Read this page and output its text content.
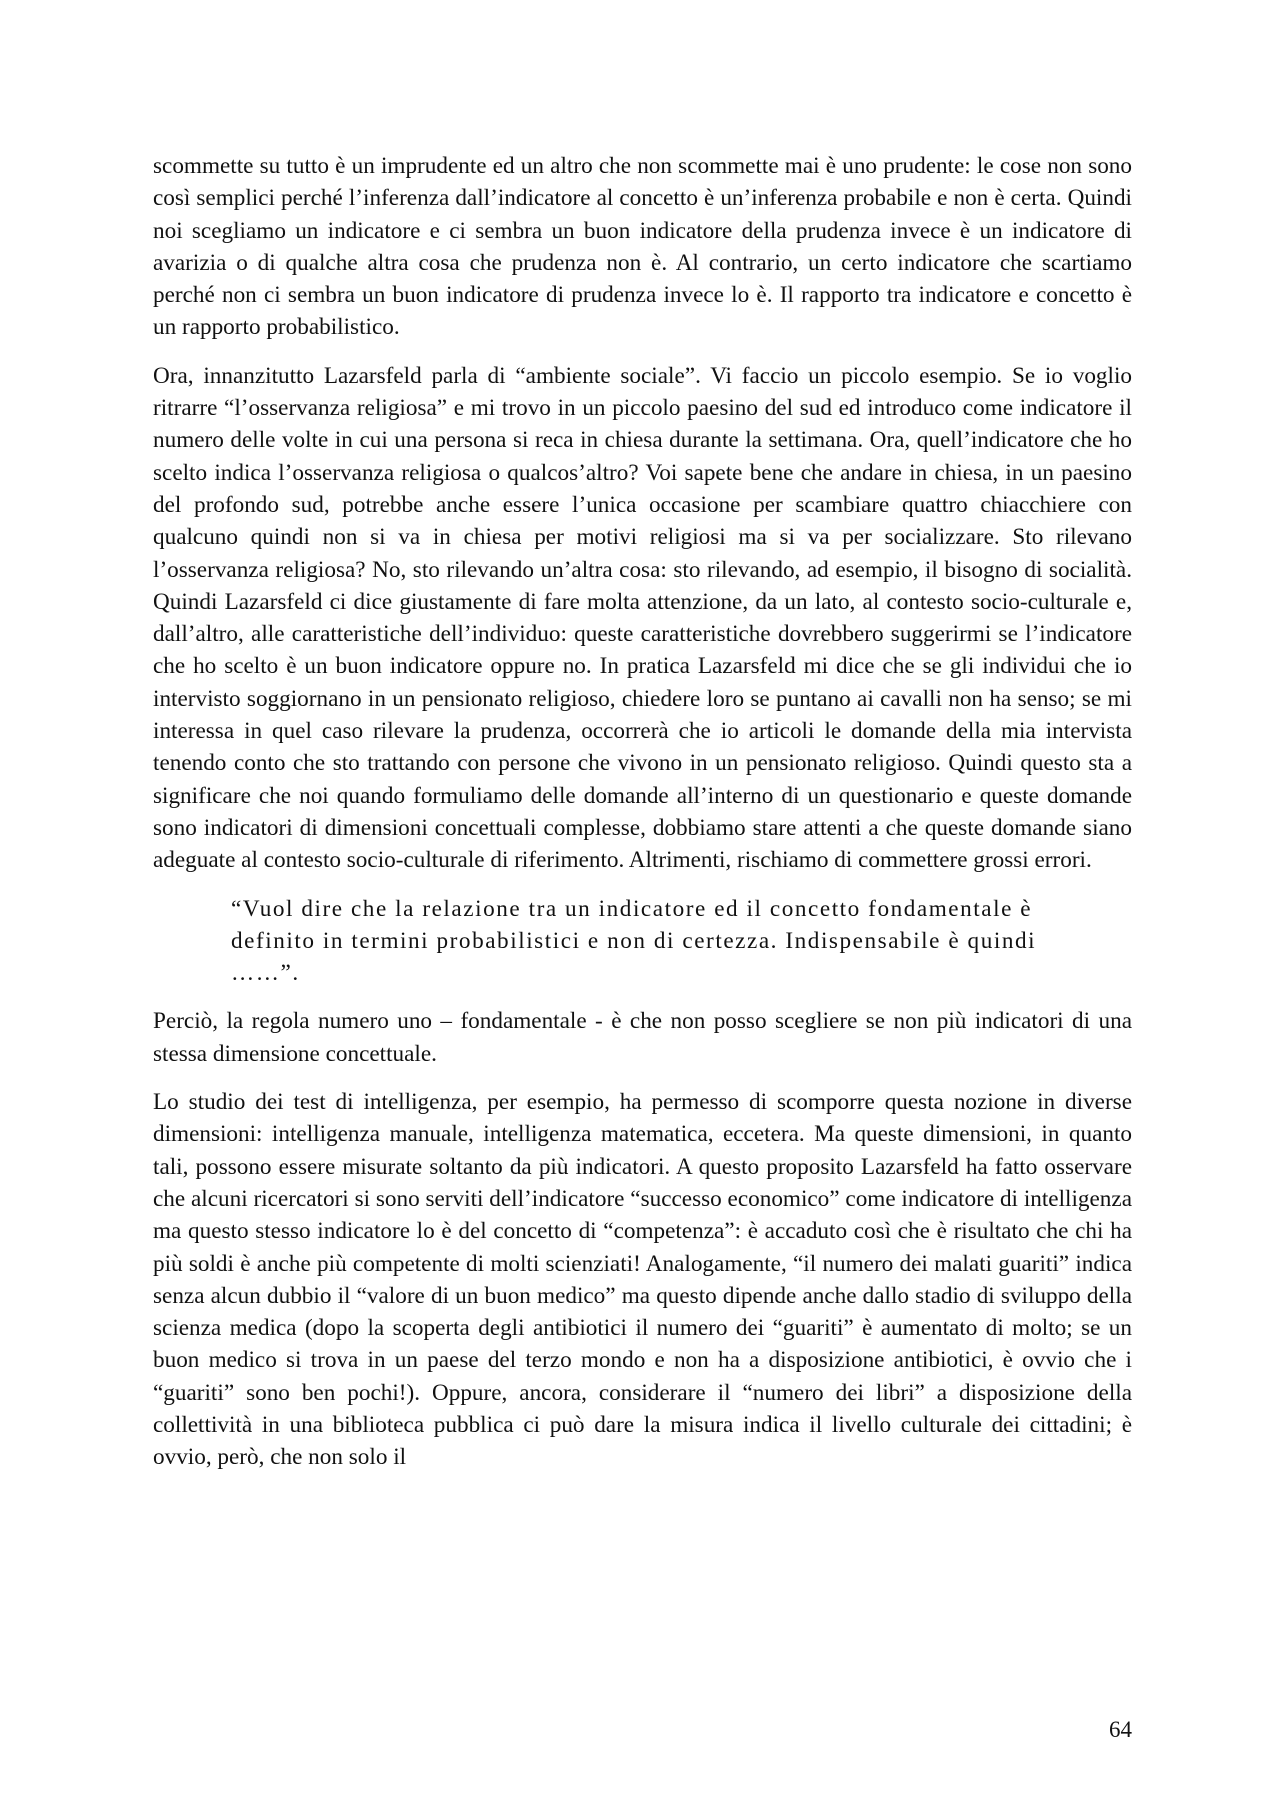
scommette su tutto è un imprudente ed un altro che non scommette mai è uno prudente: le cose non sono così semplici perché l’inferenza dall’indicatore al concetto è un’inferenza probabile e non è certa. Quindi noi scegliamo un indicatore e ci sembra un buon indicatore della prudenza invece è un indicatore di avarizia o di qualche altra cosa che prudenza non è. Al contrario, un certo indicatore che scartiamo perché non ci sembra un buon indicatore di prudenza invece lo è. Il rapporto tra indicatore e concetto è un rapporto probabilistico.

Ora, innanzitutto Lazarsfeld parla di “ambiente sociale”. Vi faccio un piccolo esempio. Se io voglio ritrarre “l’osservanza religiosa” e mi trovo in un piccolo paesino del sud ed introduco come indicatore il numero delle volte in cui una persona si reca in chiesa durante la settimana. Ora, quell’indicatore che ho scelto indica l’osservanza religiosa o qualcos’altro? Voi sapete bene che andare in chiesa, in un paesino del profondo sud, potrebbe anche essere l’unica occasione per scambiare quattro chiacchiere con qualcuno quindi non si va in chiesa per motivi religiosi ma si va per socializzare. Sto rilevano l’osservanza religiosa? No, sto rilevando un’altra cosa: sto rilevando, ad esempio, il bisogno di socialità. Quindi Lazarsfeld ci dice giustamente di fare molta attenzione, da un lato, al contesto socio-culturale e, dall’altro, alle caratteristiche dell’individuo: queste caratteristiche dovrebbero suggerirmi se l’indicatore che ho scelto è un buon indicatore oppure no. In pratica Lazarsfeld mi dice che se gli individui che io intervisto soggiornano in un pensionato religioso, chiedere loro se puntano ai cavalli non ha senso; se mi interessa in quel caso rilevare la prudenza, occorrerà che io articoli le domande della mia intervista tenendo conto che sto trattando con persone che vivono in un pensionato religioso. Quindi questo sta a significare che noi quando formuliamo delle domande all’interno di un questionario e queste domande sono indicatori di dimensioni concettuali complesse, dobbiamo stare attenti a che queste domande siano adeguate al contesto socio-culturale di riferimento. Altrimenti, rischiamo di commettere grossi errori.

“Vuol dire che la relazione tra un indicatore ed il concetto fondamentale è definito in termini probabilistici e non di certezza. Indispensabile è quindi ……”.

Perciò, la regola numero uno – fondamentale - è che non posso scegliere se non più indicatori di una stessa dimensione concettuale.

Lo studio dei test di intelligenza, per esempio, ha permesso di scomporre questa nozione in diverse dimensioni: intelligenza manuale, intelligenza matematica, eccetera. Ma queste dimensioni, in quanto tali, possono essere misurate soltanto da più indicatori. A questo proposito Lazarsfeld ha fatto osservare che alcuni ricercatori si sono serviti dell’indicatore “successo economico” come indicatore di intelligenza ma questo stesso indicatore lo è del concetto di “competenza”: è accaduto così che è risultato che chi ha più soldi è anche più competente di molti scienziati! Analogamente, “il numero dei malati guariti” indica senza alcun dubbio il “valore di un buon medico” ma questo dipende anche dallo stadio di sviluppo della scienza medica (dopo la scoperta degli antibiotici il numero dei “guariti” è aumentato di molto; se un buon medico si trova in un paese del terzo mondo e non ha a disposizione antibiotici, è ovvio che i “guariti” sono ben pochi!). Oppure, ancora, considerare il “numero dei libri” a disposizione della collettività in una biblioteca pubblica ci può dare la misura indica il livello culturale dei cittadini; è ovvio, però, che non solo il

64
